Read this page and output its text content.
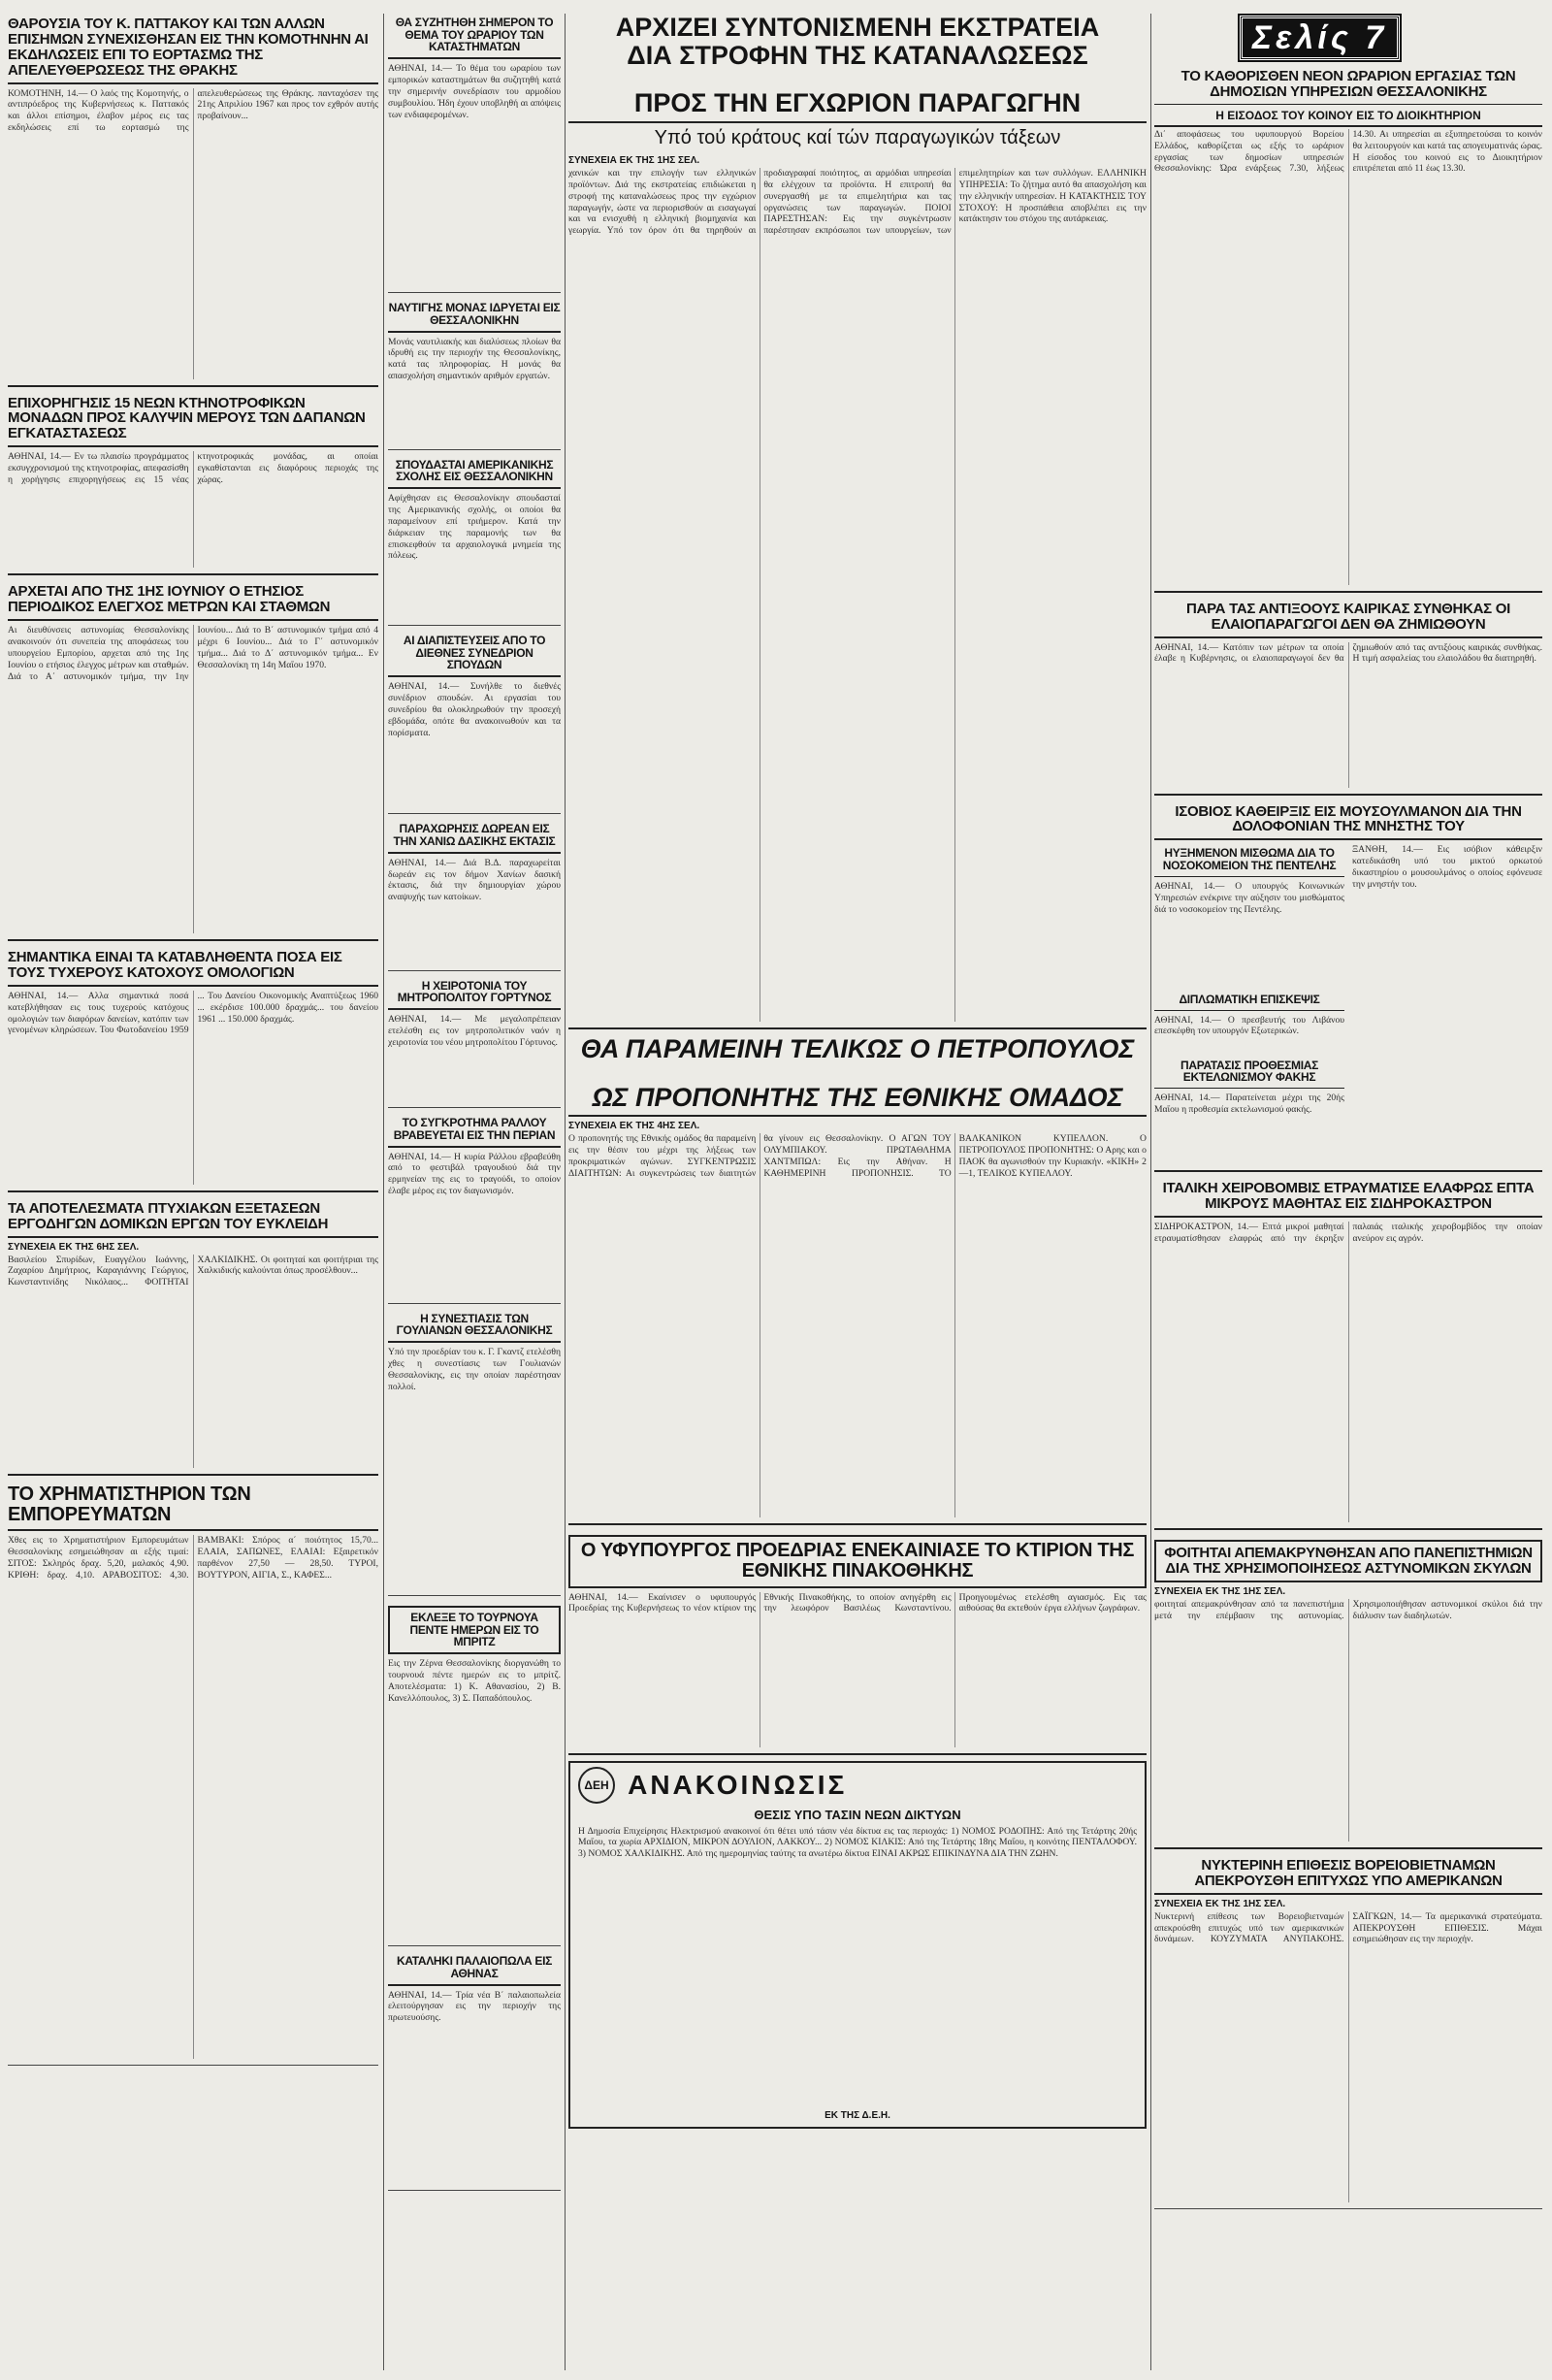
ΘΑΡΟΥΣΙΑ ΤΟΥ Κ. ΠΑΤΤΑΚΟΥ ΚΑΙ ΤΩΝ ΑΛΛΩΝ ΕΠΙΣΗΜΩΝ ΣΥΝΕΧΙΣΘΗΣΑΝ ΕΙΣ ΤΗΝ ΚΟΜΟΤΗΝΗΝ ΑΙ ΕΚΔΗΛΩΣΕΙΣ ΕΠΙ ΤΟ ΕΟΡΤΑΣΜΩ ΤΗΣ ΑΠΕΛΕΥΘΕΡΩΣΕΩΣ ΤΗΣ ΘΡΑΚΗΣ

ΚΟΜΟΤΗΝΗ, 14.— Ο λαός της Κομοτηνής, ο αντιπρόεδρος της Κυβερνήσεως κ. Παττακός και άλλοι επίσημοι, έλαβον μέρος εις τας εκδηλώσεις επί τω εορτασμώ της απελευθερώσεως της Θράκης. πανταχόσεν της 21ης Απριλίου 1967 και προς τον εχθρόν αυτής προβαίνουν...

ΕΠΙΧΟΡΗΓΗΣΙΣ 15 ΝΕΩΝ ΚΤΗΝΟΤΡΟΦΙΚΩΝ ΜΟΝΑΔΩΝ ΠΡΟΣ ΚΑΛΥΨΙΝ ΜΕΡΟΥΣ ΤΩΝ ΔΑΠΑΝΩΝ ΕΓΚΑΤΑΣΤΑΣΕΩΣ

ΑΘΗΝΑΙ, 14.— Εν τω πλαισίω προγράμματος εκσυγχρονισμού της κτηνοτροφίας, απεφασίσθη η χορήγησις επιχορηγήσεως εις 15 νέας κτηνοτροφικάς μονάδας, αι οποίαι εγκαθίστανται εις διαφόρους περιοχάς της χώρας.

ΑΡΧΕΤΑΙ ΑΠΟ ΤΗΣ 1ΗΣ ΙΟΥΝΙΟΥ Ο ΕΤΗΣΙΟΣ ΠΕΡΙΟΔΙΚΟΣ ΕΛΕΓΧΟΣ ΜΕΤΡΩΝ ΚΑΙ ΣΤΑΘΜΩΝ

Αι διευθύνσεις αστυνομίας Θεσσαλονίκης ανακοινούν ότι συνεπεία της αποφάσεως του υπουργείου Εμπορίου, αρχεται από της 1ης Ιουνίου ο ετήσιος έλεγχος μέτρων και σταθμών. Διά το Α΄ αστυνομικόν τμήμα, την 1ην Ιουνίου... Διά το Β΄ αστυνομικόν τμήμα από 4 μέχρι 6 Ιουνίου... Διά το Γ΄ αστυνομικόν τμήμα... Διά το Δ΄ αστυνομικόν τμήμα... Εν Θεσσαλονίκη τη 14η Μαΐου 1970.

ΣΗΜΑΝΤΙΚΑ ΕΙΝΑΙ ΤΑ ΚΑΤΑΒΛΗΘΕΝΤΑ ΠΟΣΑ ΕΙΣ ΤΟΥΣ ΤΥΧΕΡΟΥΣ ΚΑΤΟΧΟΥΣ ΟΜΟΛΟΓΙΩΝ

ΑΘΗΝΑΙ, 14.— Αλλα σημαντικά ποσά κατεβλήθησαν εις τους τυχερούς κατόχους ομολογιών των διαφόρων δανείων, κατόπιν των γενομένων κληρώσεων. Του Φωτοδανείου 1959 ... Του Δανείου Οικονομικής Αναπτύξεως 1960 ... εκέρδισε 100.000 δραχμάς... του δανείου 1961 ... 150.000 δραχμάς.

ΤΑ ΑΠΟΤΕΛΕΣΜΑΤΑ ΠΤΥΧΙΑΚΩΝ ΕΞΕΤΑΣΕΩΝ ΕΡΓΟΔΗΓΩΝ ΔΟΜΙΚΩΝ ΕΡΓΩΝ ΤΟΥ ΕΥΚΛΕΙΔΗ
ΣΥΝΕΧΕΙΑ ΕΚ ΤΗΣ 6ΗΣ ΣΕΛ.

Βασιλείου Σπυρίδων, Ευαγγέλου Ιωάννης, Ζαχαρίου Δημήτριος, Καραγιάννης Γεώργιος, Κωνσταντινίδης Νικόλαος... ΦΟΙΤΗΤΑΙ ΧΑΛΚΙΔΙΚΗΣ. Οι φοιτηταί και φοιτήτριαι της Χαλκιδικής καλούνται όπως προσέλθουν...

ΤΟ ΧΡΗΜΑΤΙΣΤΗΡΙΟΝ ΤΩΝ ΕΜΠΟΡΕΥΜΑΤΩΝ

Χθες εις το Χρηματιστήριον Εμπορευμάτων Θεσσαλονίκης εσημειώθησαν αι εξής τιμαί: ΣΙΤΟΣ: Σκληρός δραχ. 5,20, μαλακός 4,90. ΚΡΙΘΗ: δραχ. 4,10. ΑΡΑΒΟΣΙΤΟΣ: 4,30. ΒΑΜΒΑΚΙ: Σπόρος α΄ ποιότητος 15,70... ΕΛΑΙΑ, ΣΑΠΩΝΕΣ, ΕΛΑΙΑΙ: Εξαιρετικόν παρθένον 27,50 — 28,50. ΤΥΡΟΙ, ΒΟΥΤΥΡΟΝ, ΑΙΓΙΑ, Σ., ΚΑΦΕΣ...

ΘΑ ΣΥΖΗΤΗΘΗ ΣΗΜΕΡΟΝ ΤΟ ΘΕΜΑ ΤΟΥ ΩΡΑΡΙΟΥ ΤΩΝ ΚΑΤΑΣΤΗΜΑΤΩΝ

ΑΘΗΝΑΙ, 14.— Το θέμα του ωραρίου των εμπορικών καταστημάτων θα συζητηθή κατά την σημερινήν συνεδρίασιν του αρμοδίου συμβουλίου. Ήδη έχουν υποβληθή αι απόψεις των ενδιαφερομένων.

ΝΑΥΤΙΓΗΣ ΜΟΝΑΣ ΙΔΡΥΕΤΑΙ ΕΙΣ ΘΕΣΣΑΛΟΝΙΚΗΝ

Μονάς ναυτιλιακής και διαλύσεως πλοίων θα ιδρυθή εις την περιοχήν της Θεσσαλονίκης, κατά τας πληροφορίας. Η μονάς θα απασχολήση σημαντικόν αριθμόν εργατών.

ΣΠΟΥΔΑΣΤΑΙ ΑΜΕΡΙΚΑΝΙΚΗΣ ΣΧΟΛΗΣ ΕΙΣ ΘΕΣΣΑΛΟΝΙΚΗΝ

Αφίχθησαν εις Θεσσαλονίκην σπουδασταί της Αμερικανικής σχολής, οι οποίοι θα παραμείνουν επί τριήμερον. Κατά την διάρκειαν της παραμονής των θα επισκεφθούν τα αρχαιολογικά μνημεία της πόλεως.

ΑΙ ΔΙΑΠΙΣΤΕΥΣΕΙΣ ΑΠΟ ΤΟ ΔΙΕΘΝΕΣ ΣΥΝΕΔΡΙΟΝ ΣΠΟΥΔΩΝ

ΑΘΗΝΑΙ, 14.— Συνήλθε το διεθνές συνέδριον σπουδών. Αι εργασίαι του συνεδρίου θα ολοκληρωθούν την προσεχή εβδομάδα, οπότε θα ανακοινωθούν και τα πορίσματα.

ΠΑΡΑΧΩΡΗΣΙΣ ΔΩΡΕΑΝ ΕΙΣ ΤΗΝ ΧΑΝΙΩ ΔΑΣΙΚΗΣ ΕΚΤΑΣΙΣ

ΑΘΗΝΑΙ, 14.— Διά Β.Δ. παραχωρείται δωρεάν εις τον δήμον Χανίων δασική έκτασις, διά την δημιουργίαν χώρου αναψυχής των κατοίκων.

Η ΧΕΙΡΟΤΟΝΙΑ ΤΟΥ ΜΗΤΡΟΠΟΛΙΤΟΥ ΓΟΡΤΥΝΟΣ

ΑΘΗΝΑΙ, 14.— Με μεγαλοπρέπειαν ετελέσθη εις τον μητροπολιτικόν ναόν η χειροτονία του νέου μητροπολίτου Γόρτυνος.

ΤΟ ΣΥΓΚΡΟΤΗΜΑ ΡΑΛΛΟΥ ΒΡΑΒΕΥΕΤΑΙ ΕΙΣ ΤΗΝ ΠΕΡΙΑΝ

ΑΘΗΝΑΙ, 14.— Η κυρία Ράλλου εβραβεύθη από το φεστιβάλ τραγουδιού διά την ερμηνείαν της εις το τραγούδι, το οποίον έλαβε μέρος εις τον διαγωνισμόν.

Η ΣΥΝΕΣΤΙΑΣΙΣ ΤΩΝ ΓΟΥΛΙΑΝΩΝ ΘΕΣΣΑΛΟΝΙΚΗΣ

Υπό την προεδρίαν του κ. Γ. Γκαντζ ετελέσθη χθες η συνεστίασις των Γουλιανών Θεσσαλονίκης, εις την οποίαν παρέστησαν πολλοί.

ΕΚΛΕΞΕ ΤΟ ΤΟΥΡΝΟΥΑ ΠΕΝΤΕ ΗΜΕΡΩΝ ΕΙΣ ΤΟ ΜΠΡΙΤΖ

Εις την Ζέρνα Θεσσαλονίκης διοργανώθη το τουρνουά πέντε ημερών εις το μπρίτζ. Αποτελέσματα: 1) Κ. Αθανασίου, 2) Β. Κανελλόπουλος, 3) Σ. Παπαδόπουλος.

ΚΑΤΑΛΗΚΙ ΠΑΛΑΙΟΠΩΛΑ ΕΙΣ ΑΘΗΝΑΣ

ΑΘΗΝΑΙ, 14.— Τρία νέα Β΄ παλαιοπωλεία ελειτούργησαν εις την περιοχήν της πρωτευούσης.

ΑΡΧΙΖΕΙ ΣΥΝΤΟΝΙΣΜΕΝΗ ΕΚΣΤΡΑΤΕΙΑ
ΔΙΑ ΣΤΡΟΦΗΝ ΤΗΣ ΚΑΤΑΝΑΛΩΣΕΩΣ
ΠΡΟΣ ΤΗΝ ΕΓΧΩΡΙΟΝ ΠΑΡΑΓΩΓΗΝ
Υπό τού κράτους καί τών παραγωγικών τάξεων
ΣΥΝΕΧΕΙΑ ΕΚ ΤΗΣ 1ΗΣ ΣΕΛ.

χανικών και την επιλογήν των ελληνικών προϊόντων. Διά της εκστρατείας επιδιώκεται η στροφή της καταναλώσεως προς την εγχώριον παραγωγήν, ώστε να περιορισθούν αι εισαγωγαί και να ενισχυθή η ελληνική βιομηχανία και γεωργία. Υπό τον όρον ότι θα τηρηθούν αι προδιαγραφαί ποιότητος, αι αρμόδιαι υπηρεσίαι θα ελέγχουν τα προϊόντα. Η επιτροπή θα συνεργασθή με τα επιμελητήρια και τας οργανώσεις των παραγωγών. ΠΟΙΟΙ ΠΑΡΕΣΤΗΣΑΝ: Εις την συγκέντρωσιν παρέστησαν εκπρόσωποι των υπουργείων, των επιμελητηρίων και των συλλόγων. ΕΛΛΗΝΙΚΗ ΥΠΗΡΕΣΙΑ: Το ζήτημα αυτό θα απασχολήση και την ελληνικήν υπηρεσίαν. Η ΚΑΤΑΚΤΗΣΙΣ ΤΟΥ ΣΤΟΧΟΥ: Η προσπάθεια αποβλέπει εις την κατάκτησιν του στόχου της αυτάρκειας.

ΘΑ ΠΑΡΑΜΕΙΝΗ ΤΕΛΙΚΩΣ Ο ΠΕΤΡΟΠΟΥΛΟΣ
ΩΣ ΠΡΟΠΟΝΗΤΗΣ ΤΗΣ ΕΘΝΙΚΗΣ ΟΜΑΔΟΣ
ΣΥΝΕΧΕΙΑ ΕΚ ΤΗΣ 4ΗΣ ΣΕΛ.

Ο προπονητής της Εθνικής ομάδος θα παραμείνη εις την θέσιν του μέχρι της λήξεως των προκριματικών αγώνων. ΣΥΓΚΕΝΤΡΩΣΙΣ ΔΙΑΙΤΗΤΩΝ: Αι συγκεντρώσεις των διαιτητών θα γίνουν εις Θεσσαλονίκην. Ο ΑΓΩΝ ΤΟΥ ΟΛΥΜΠΙΑΚΟΥ. ΠΡΩΤΑΘΛΗΜΑ ΧΑΝΤΜΠΩΛ: Εις την Αθήναν. Η ΚΑΘΗΜΕΡΙΝΗ ΠΡΟΠΟΝΗΣΙΣ. ΤΟ ΒΑΛΚΑΝΙΚΟΝ ΚΥΠΕΛΛΟΝ. Ο ΠΕΤΡΟΠΟΥΛΟΣ ΠΡΟΠΟΝΗΤΗΣ: Ο Αρης και ο ΠΑΟΚ θα αγωνισθούν την Κυριακήν. «ΚΙΚΗ» 2—1, ΤΕΛΙΚΟΣ ΚΥΠΕΛΛΟΥ.

Ο ΥΦΥΠΟΥΡΓΟΣ ΠΡΟΕΔΡΙΑΣ ΕΝΕΚΑΙΝΙΑΣΕ ΤΟ ΚΤΙΡΙΟΝ ΤΗΣ ΕΘΝΙΚΗΣ ΠΙΝΑΚΟΘΗΚΗΣ

ΑΘΗΝΑΙ, 14.— Εκαίνισεν ο υφυπουργός Προεδρίας της Κυβερνήσεως το νέον κτίριον της Εθνικής Πινακοθήκης, το οποίον ανηγέρθη εις την λεωφόρον Βασιλέως Κωνσταντίνου. Προηγουμένως ετελέσθη αγιασμός. Εις τας αιθούσας θα εκτεθούν έργα ελλήνων ζωγράφων.

ΔΕΗ ΑΝΑΚΟΙΝΩΣΙΣ
ΘΕΣΙΣ ΥΠΟ ΤΑΣΙΝ ΝΕΩΝ ΔΙΚΤΥΩΝ

Η Δημοσία Επιχείρησις Ηλεκτρισμού ανακοινοί ότι θέτει υπό τάσιν νέα δίκτυα εις τας περιοχάς: 1) ΝΟΜΟΣ ΡΟΔΟΠΗΣ: Από της Τετάρτης 20ής Μαΐου, τα χωρία ΑΡΧΙΔΙΟΝ, ΜΙΚΡΟΝ ΔΟΥΛΙΟΝ, ΛΑΚΚΟΥ... 2) ΝΟΜΟΣ ΚΙΛΚΙΣ: Από της Τετάρτης 18ης Μαΐου, η κοινότης ΠΕΝΤΑΛΟΦΟΥ. 3) ΝΟΜΟΣ ΧΑΛΚΙΔΙΚΗΣ. Από της ημερομηνίας ταύτης τα ανωτέρω δίκτυα ΕΙΝΑΙ ΑΚΡΩΣ ΕΠΙΚΙΝΔΥΝΑ ΔΙΑ ΤΗΝ ΖΩΗΝ.

ΕΚ ΤΗΣ Δ.Ε.Η.
Σελίς 7
ΤΟ ΚΑΘΟΡΙΣΘΕΝ ΝΕΟΝ ΩΡΑΡΙΟΝ ΕΡΓΑΣΙΑΣ ΤΩΝ ΔΗΜΟΣΙΩΝ ΥΠΗΡΕΣΙΩΝ ΘΕΣΣΑΛΟΝΙΚΗΣ
Η ΕΙΣΟΔΟΣ ΤΟΥ ΚΟΙΝΟΥ ΕΙΣ ΤΟ ΔΙΟΙΚΗΤΗΡΙΟΝ

Δι΄ αποφάσεως του υφυπουργού Βορείου Ελλάδος, καθορίζεται ως εξής το ωράριον εργασίας των δημοσίων υπηρεσιών Θεσσαλονίκης: Ώρα ενάρξεως 7.30, λήξεως 14.30. Αι υπηρεσίαι αι εξυπηρετούσαι το κοινόν θα λειτουργούν και κατά τας απογευματινάς ώρας. Η είσοδος του κοινού εις το Διοικητήριον επιτρέπεται από 11 έως 13.30.

ΠΑΡΑ ΤΑΣ ΑΝΤΙΞΟΟΥΣ ΚΑΙΡΙΚΑΣ ΣΥΝΘΗΚΑΣ ΟΙ ΕΛΑΙΟΠΑΡΑΓΩΓΟΙ ΔΕΝ ΘΑ ΖΗΜΙΩΘΟΥΝ

ΑΘΗΝΑΙ, 14.— Κατόπιν των μέτρων τα οποία έλαβε η Κυβέρνησις, οι ελαιοπαραγωγοί δεν θα ζημιωθούν από τας αντιξόους καιρικάς συνθήκας. Η τιμή ασφαλείας του ελαιολάδου θα διατηρηθή.

ΙΣΟΒΙΟΣ ΚΑΘΕΙΡΞΙΣ ΕΙΣ ΜΟΥΣΟΥΛΜΑΝΟΝ ΔΙΑ ΤΗΝ ΔΟΛΟΦΟΝΙΑΝ ΤΗΣ ΜΝΗΣΤΗΣ ΤΟΥ
ΗΥΞΗΜΕΝΟΝ ΜΙΣΘΩΜΑ ΔΙΑ ΤΟ ΝΟΣΟΚΟΜΕΙΟΝ ΤΗΣ ΠΕΝΤΕΛΗΣ

ΑΘΗΝΑΙ, 14.— Ο υπουργός Κοινωνικών Υπηρεσιών ενέκρινε την αύξησιν του μισθώματος διά το νοσοκομείον της Πεντέλης.

ΔΙΠΛΩΜΑΤΙΚΗ ΕΠΙΣΚΕΨΙΣ

ΑΘΗΝΑΙ, 14.— Ο πρεσβευτής του Λιβάνου επεσκέφθη τον υπουργόν Εξωτερικών.

ΠΑΡΑΤΑΣΙΣ ΠΡΟΘΕΣΜΙΑΣ ΕΚΤΕΛΩΝΙΣΜΟΥ ΦΑΚΗΣ

ΑΘΗΝΑΙ, 14.— Παρατείνεται μέχρι της 20ής Μαΐου η προθεσμία εκτελωνισμού φακής.

ΞΑΝΘΗ, 14.— Εις ισόβιον κάθειρξιν κατεδικάσθη υπό του μικτού ορκωτού δικαστηρίου ο μουσουλμάνος ο οποίος εφόνευσε την μνηστήν του.

ΙΤΑΛΙΚΗ ΧΕΙΡΟΒΟΜΒΙΣ ΕΤΡΑΥΜΑΤΙΣΕ ΕΛΑΦΡΩΣ ΕΠΤΑ ΜΙΚΡΟΥΣ ΜΑΘΗΤΑΣ ΕΙΣ ΣΙΔΗΡΟΚΑΣΤΡΟΝ

ΣΙΔΗΡΟΚΑΣΤΡΟΝ, 14.— Επτά μικροί μαθηταί ετραυματίσθησαν ελαφρώς από την έκρηξιν παλαιάς ιταλικής χειροβομβίδος την οποίαν ανεύρον εις αγρόν.

ΦΟΙΤΗΤΑΙ ΑΠΕΜΑΚΡΥΝΘΗΣΑΝ ΑΠΟ ΠΑΝΕΠΙΣΤΗΜΙΩΝ ΔΙΑ ΤΗΣ ΧΡΗΣΙΜΟΠΟΙΗΣΕΩΣ ΑΣΤΥΝΟΜΙΚΩΝ ΣΚΥΛΩΝ
ΣΥΝΕΧΕΙΑ ΕΚ ΤΗΣ 1ΗΣ ΣΕΛ.

φοιτηταί απεμακρύνθησαν από τα πανεπιστήμια μετά την επέμβασιν της αστυνομίας. Χρησιμοποιήθησαν αστυνομικοί σκύλοι διά την διάλυσιν των διαδηλωτών.

ΝΥΚΤΕΡΙΝΗ ΕΠΙΘΕΣΙΣ ΒΟΡΕΙΟΒΙΕΤΝΑΜΩΝ ΑΠΕΚΡΟΥΣΘΗ ΕΠΙΤΥΧΩΣ ΥΠΟ ΑΜΕΡΙΚΑΝΩΝ
ΣΥΝΕΧΕΙΑ ΕΚ ΤΗΣ 1ΗΣ ΣΕΛ.

Νυκτερινή επίθεσις των Βορειοβιετναμών απεκρούσθη επιτυχώς υπό των αμερικανικών δυνάμεων. ΚΟΥΖΥΜΑΤΑ ΑΝΥΠΑΚΟΗΣ. ΣΑΪΓΚΩΝ, 14.— Τα αμερικανικά στρατεύματα. ΑΠΕΚΡΟΥΣΘΗ ΕΠΙΘΕΣΙΣ. Μάχαι εσημειώθησαν εις την περιοχήν.
